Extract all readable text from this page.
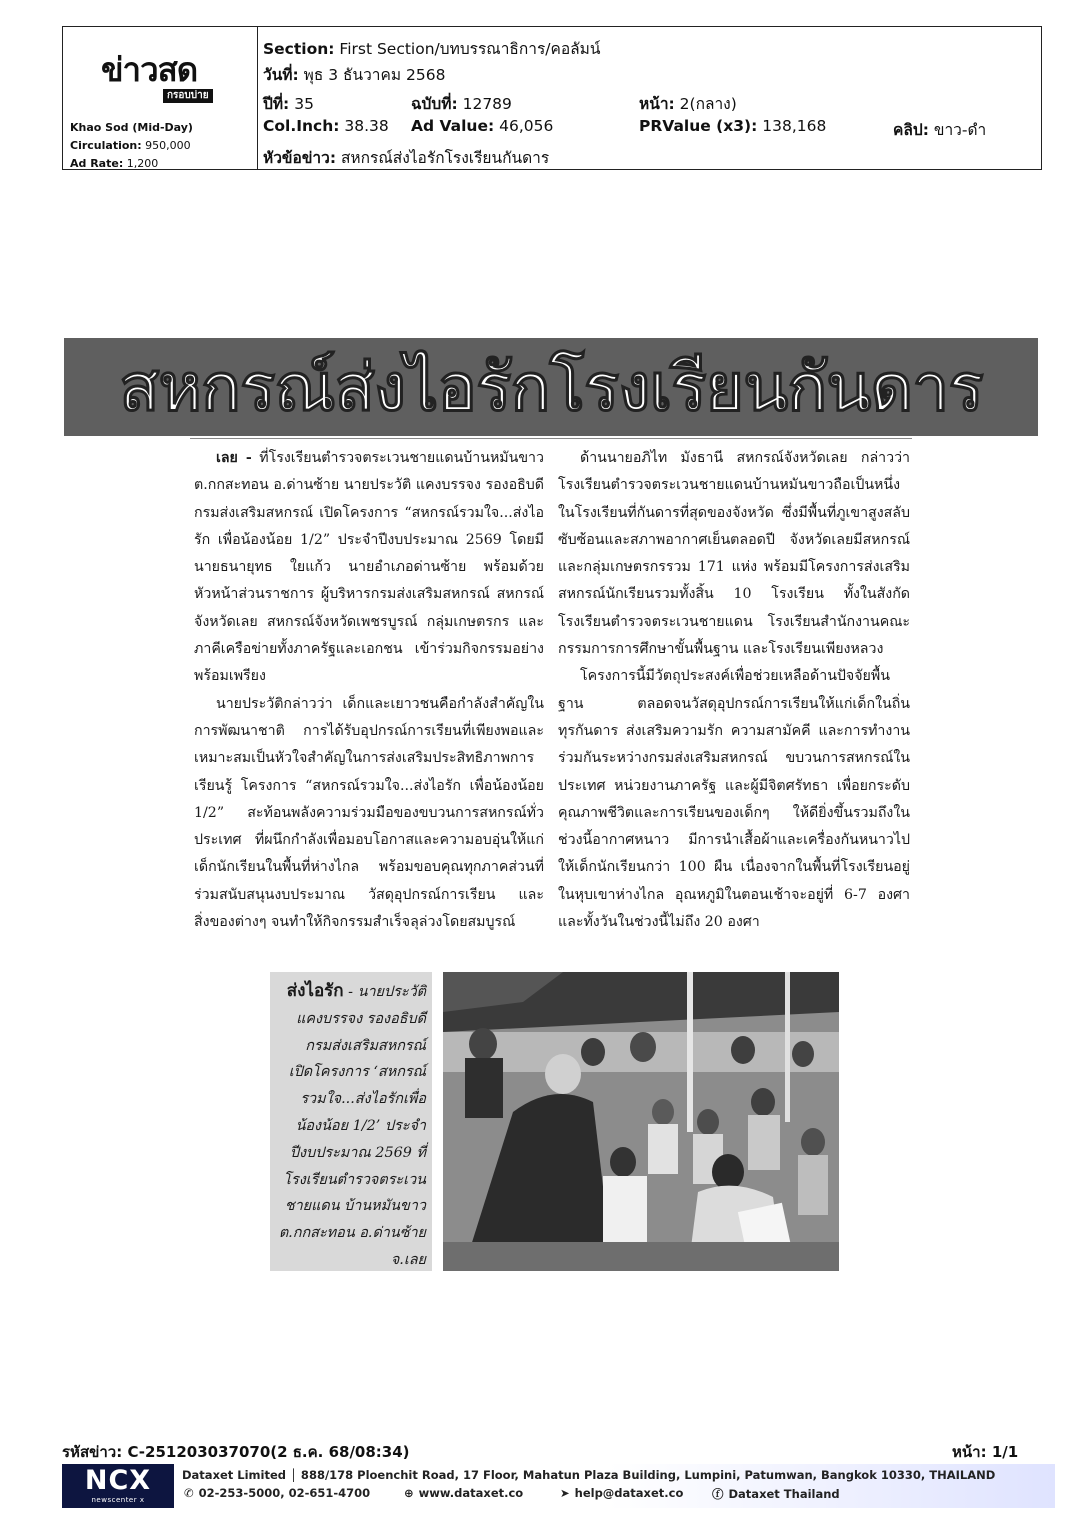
ข่าวสด
กรอบบ่าย
Khao Sod (Mid-Day)
Circulation: 950,000
Ad Rate: 1,200
Section: First Section/บทบรรณาธิการ/คอลัมน์
วันที่: พุธ 3 ธันวาคม 2568
ปีที่: 35	ฉบับที่: 12789	หน้า: 2(กลาง)
Col.Inch: 38.38 Ad Value: 46,056	PRValue (x3): 138,168	คลิป: ขาว-ดำ
หัวข้อข่าว: สหกรณ์ส่งไอรักโรงเรียนกันดาร
สหกรณ์ส่งไอรักโรงเรียนกันดาร

เลย - ที่โรงเรียนตำรวจตระเวนชายแดนบ้านหมันขาว ต.กกสะทอน อ.ด่านซ้าย นายประวัติ แคงบรรจง รองอธิบดีกรมส่งเสริมสหกรณ์ เปิดโครงการ “สหกรณ์รวมใจ...ส่งไอรัก เพื่อน้องน้อย 1/2” ประจำปีงบประมาณ 2569 โดยมี นายธนายุทธ ใยแก้ว นายอำเภอด่านซ้าย พร้อมด้วยหัวหน้าส่วนราชการ ผู้บริหารกรมส่งเสริมสหกรณ์ สหกรณ์จังหวัดเลย สหกรณ์จังหวัดเพชรบูรณ์ กลุ่มเกษตรกร และภาคีเครือข่ายทั้งภาครัฐและเอกชน เข้าร่วมกิจกรรมอย่างพร้อมเพรียง

นายประวัติกล่าวว่า เด็กและเยาวชนคือกำลังสำคัญในการพัฒนาชาติ การได้รับอุปกรณ์การเรียนที่เพียงพอและเหมาะสมเป็นหัวใจสำคัญในการส่งเสริมประสิทธิภาพการเรียนรู้ โครงการ “สหกรณ์รวมใจ...ส่งไอรัก เพื่อน้องน้อย 1/2” สะท้อนพลังความร่วมมือของขบวนการสหกรณ์ทั่วประเทศ ที่ผนึกกำลังเพื่อมอบโอกาสและความอบอุ่นให้แก่เด็กนักเรียนในพื้นที่ห่างไกล พร้อมขอบคุณทุกภาคส่วนที่ร่วมสนับสนุนงบประมาณ วัสดุอุปกรณ์การเรียน และสิ่งของต่างๆ จนทำให้กิจกรรมสำเร็จลุล่วงโดยสมบูรณ์

ด้านนายอภิไท มังธานี สหกรณ์จังหวัดเลย กล่าวว่า โรงเรียนตำรวจตระเวนชายแดนบ้านหมันขาวถือเป็นหนึ่งในโรงเรียนที่กันดารที่สุดของจังหวัด ซึ่งมีพื้นที่ภูเขาสูงสลับซับซ้อนและสภาพอากาศเย็นตลอดปี จังหวัดเลยมีสหกรณ์และกลุ่มเกษตรกรรวม 171 แห่ง พร้อมมีโครงการส่งเสริมสหกรณ์นักเรียนรวมทั้งสิ้น 10 โรงเรียน ทั้งในสังกัดโรงเรียนตำรวจตระเวนชายแดน โรงเรียนสำนักงานคณะกรรมการการศึกษาขั้นพื้นฐาน และโรงเรียนเพียงหลวง

โครงการนี้มีวัตถุประสงค์เพื่อช่วยเหลือด้านปัจจัยพื้นฐาน ตลอดจนวัสดุอุปกรณ์การเรียนให้แก่เด็กในถิ่นทุรกันดาร ส่งเสริมความรัก ความสามัคคี และการทำงานร่วมกันระหว่างกรมส่งเสริมสหกรณ์ ขบวนการสหกรณ์ในประเทศ หน่วยงานภาครัฐ และผู้มีจิตศรัทธา เพื่อยกระดับคุณภาพชีวิตและการเรียนของเด็กๆ ให้ดียิ่งขึ้นรวมถึงในช่วงนี้อากาศหนาว มีการนำเสื้อผ้าและเครื่องกันหนาวไปให้เด็กนักเรียนกว่า 100 ผืน เนื่องจากในพื้นที่โรงเรียนอยู่ในหุบเขาห่างไกล อุณหภูมิในตอนเช้าจะอยู่ที่ 6-7 องศา และทั้งวันในช่วงนี้ไม่ถึง 20 องศา

ส่งไอรัก - นายประวัติ แคงบรรจง รองอธิบดีกรมส่งเสริมสหกรณ์ เปิดโครงการ ‘สหกรณ์รวมใจ...ส่งไอรักเพื่อน้องน้อย 1/2’ ประจำปีงบประมาณ 2569 ที่ โรงเรียนตำรวจตระเวนชายแดน บ้านหมันขาว ต.กกสะทอน อ.ด่านซ้าย จ.เลย
รหัสข่าว: C-251203037070(2 ธ.ค. 68/08:34)	หน้า: 1/1
NCX
newscenter x
Dataxet Limited │ 888/178 Ploenchit Road, 17 Floor, Mahatun Plaza Building, Lumpini, Patumwan, Bangkok 10330, THAILAND
✆ 02-253-5000, 02-651-4700	⊕ www.dataxet.co	➤ help@dataxet.co ⓕ Dataxet Thailand
